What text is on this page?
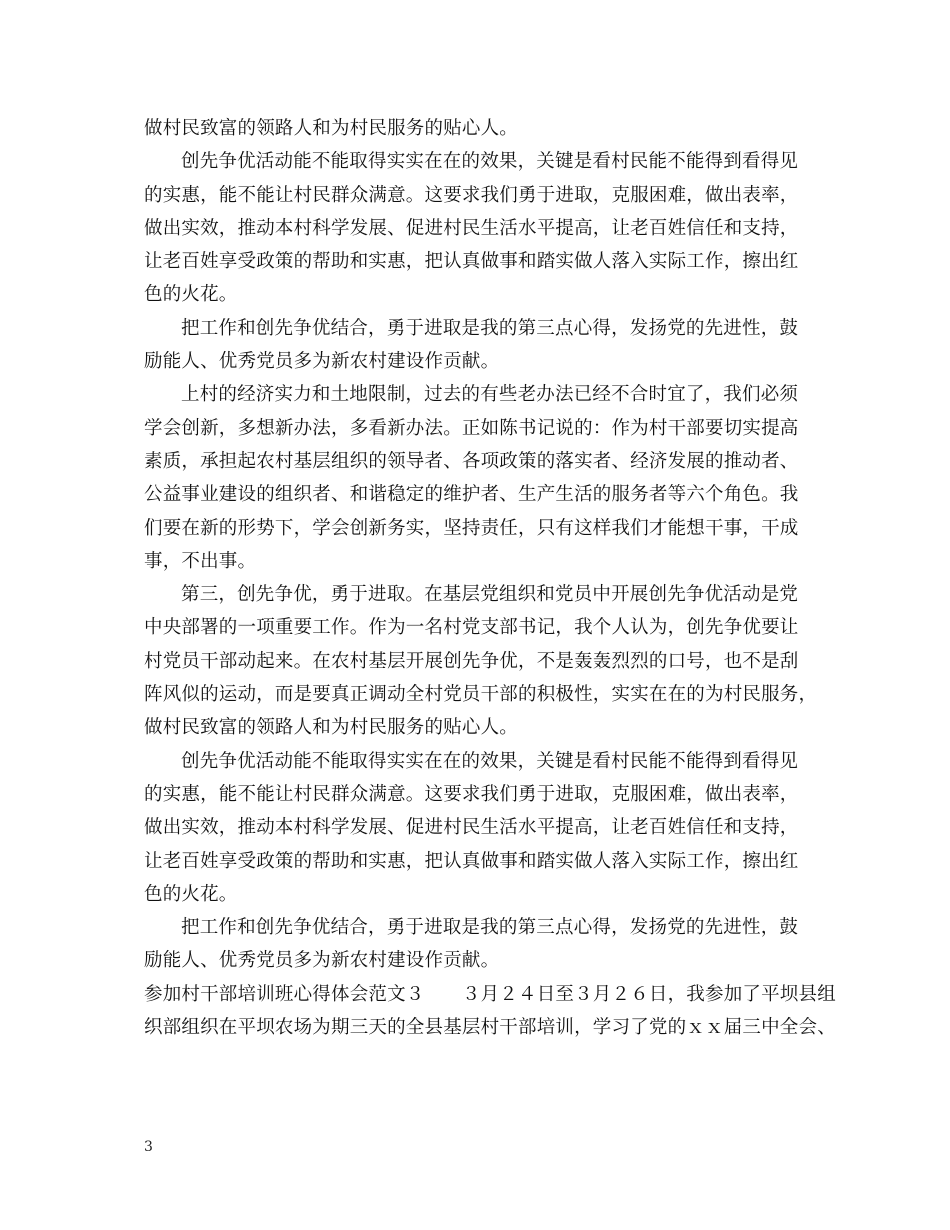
做村民致富的领路人和为村民服务的贴心人。
创先争优活动能不能取得实实在在的效果，关键是看村民能不能得到看得见
的实惠，能不能让村民群众满意。这要求我们勇于进取，克服困难，做出表率，
做出实效，推动本村科学发展、促进村民生活水平提高，让老百姓信任和支持，
让老百姓享受政策的帮助和实惠，把认真做事和踏实做人落入实际工作，擦出红
色的火花。
把工作和创先争优结合，勇于进取是我的第三点心得，发扬党的先进性，鼓
励能人、优秀党员多为新农村建设作贡献。
上村的经济实力和土地限制，过去的有些老办法已经不合时宜了，我们必须
学会创新，多想新办法，多看新办法。正如陈书记说的：作为村干部要切实提高
素质，承担起农村基层组织的领导者、各项政策的落实者、经济发展的推动者、
公益事业建设的组织者、和谐稳定的维护者、生产生活的服务者等六个角色。我
们要在新的形势下，学会创新务实，坚持责任，只有这样我们才能想干事，干成
事，不出事。
第三，创先争优，勇于进取。在基层党组织和党员中开展创先争优活动是党
中央部署的一项重要工作。作为一名村党支部书记，我个人认为，创先争优要让
村党员干部动起来。在农村基层开展创先争优，不是轰轰烈烈的口号，也不是刮
阵风似的运动，而是要真正调动全村党员干部的积极性，实实在在的为村民服务，
做村民致富的领路人和为村民服务的贴心人。
创先争优活动能不能取得实实在在的效果，关键是看村民能不能得到看得见
的实惠，能不能让村民群众满意。这要求我们勇于进取，克服困难，做出表率，
做出实效，推动本村科学发展、促进村民生活水平提高，让老百姓信任和支持，
让老百姓享受政策的帮助和实惠，把认真做事和踏实做人落入实际工作，擦出红
色的火花。
把工作和创先争优结合，勇于进取是我的第三点心得，发扬党的先进性，鼓
励能人、优秀党员多为新农村建设作贡献。
参加村干部培训班心得体会范文３　　３月２４日至３月２６日，我参加了平坝县组
织部组织在平坝农场为期三天的全县基层村干部培训，学习了党的ｘｘ届三中全会、
3
